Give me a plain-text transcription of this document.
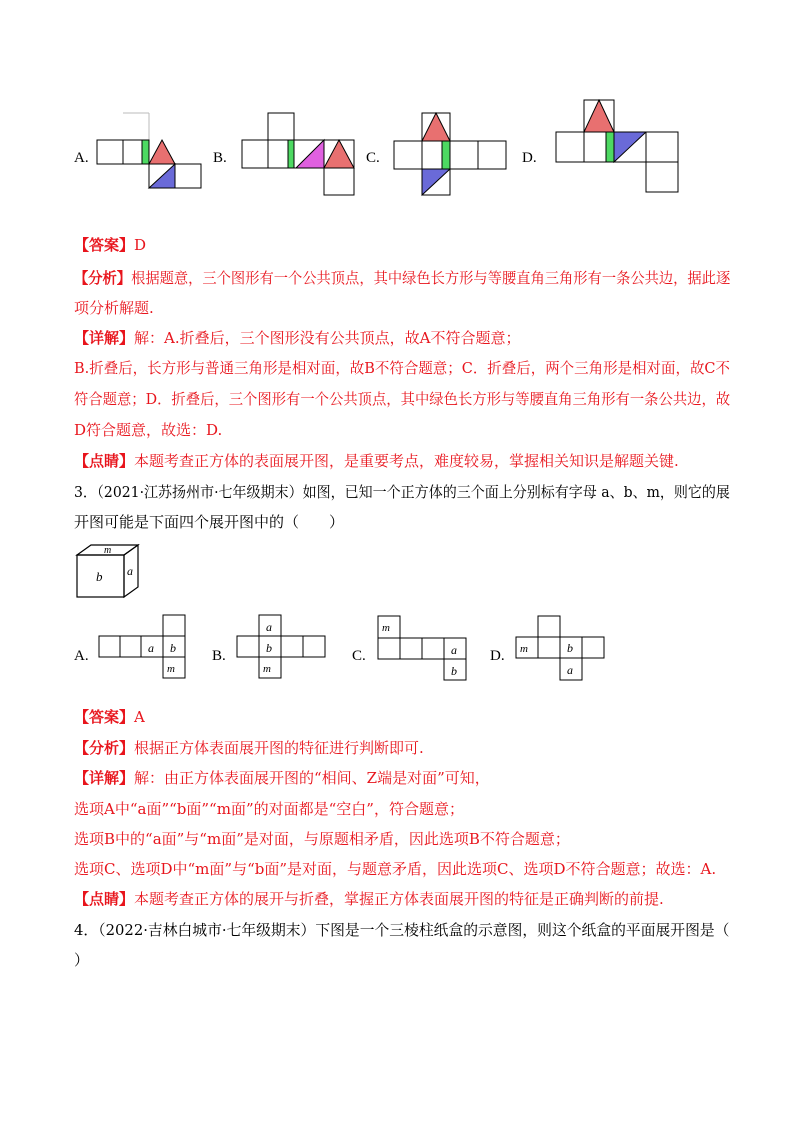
A.	B.	C.	D.
【答案】D
【分析】根据题意，三个图形有一个公共顶点，其中绿色长方形与等腰直角三角形有一条公共边，据此逐
项分析解题.
【详解】解：A.折叠后，三个图形没有公共顶点，故A不符合题意；
B.折叠后，长方形与普通三角形是相对面，故B不符合题意；C．折叠后，两个三角形是相对面，故C不
符合题意；D．折叠后，三个图形有一个公共顶点，其中绿色长方形与等腰直角三角形有一条公共边，故
D符合题意，故选：D.
【点睛】本题考查正方体的表面展开图，是重要考点，难度较易，掌握相关知识是解题关键.
3．（2021·江苏扬州市·七年级期末）如图，已知一个正方体的三个面上分别标有字母 a、b、m，则它的展
开图可能是下面四个展开图中的（　　）
m
b a
A.	a b
m
B.
a
b
m
C.
m
a
b
D. m	b
a
【答案】A
【分析】根据正方体表面展开图的特征进行判断即可.
【详解】解：由正方体表面展开图的“相间、Z端是对面”可知，
选项A中“a面”“b面”“m面”的对面都是“空白”，符合题意；
选项B中的“a面”与“m面”是对面，与原题相矛盾，因此选项B不符合题意；
选项C、选项D中“m面”与“b面”是对面，与题意矛盾，因此选项C、选项D不符合题意；故选：A.
【点睛】本题考查正方体的展开与折叠，掌握正方体表面展开图的特征是正确判断的前提.
4．（2022·吉林白城市·七年级期末）下图是一个三棱柱纸盒的示意图，则这个纸盒的平面展开图是（
）
